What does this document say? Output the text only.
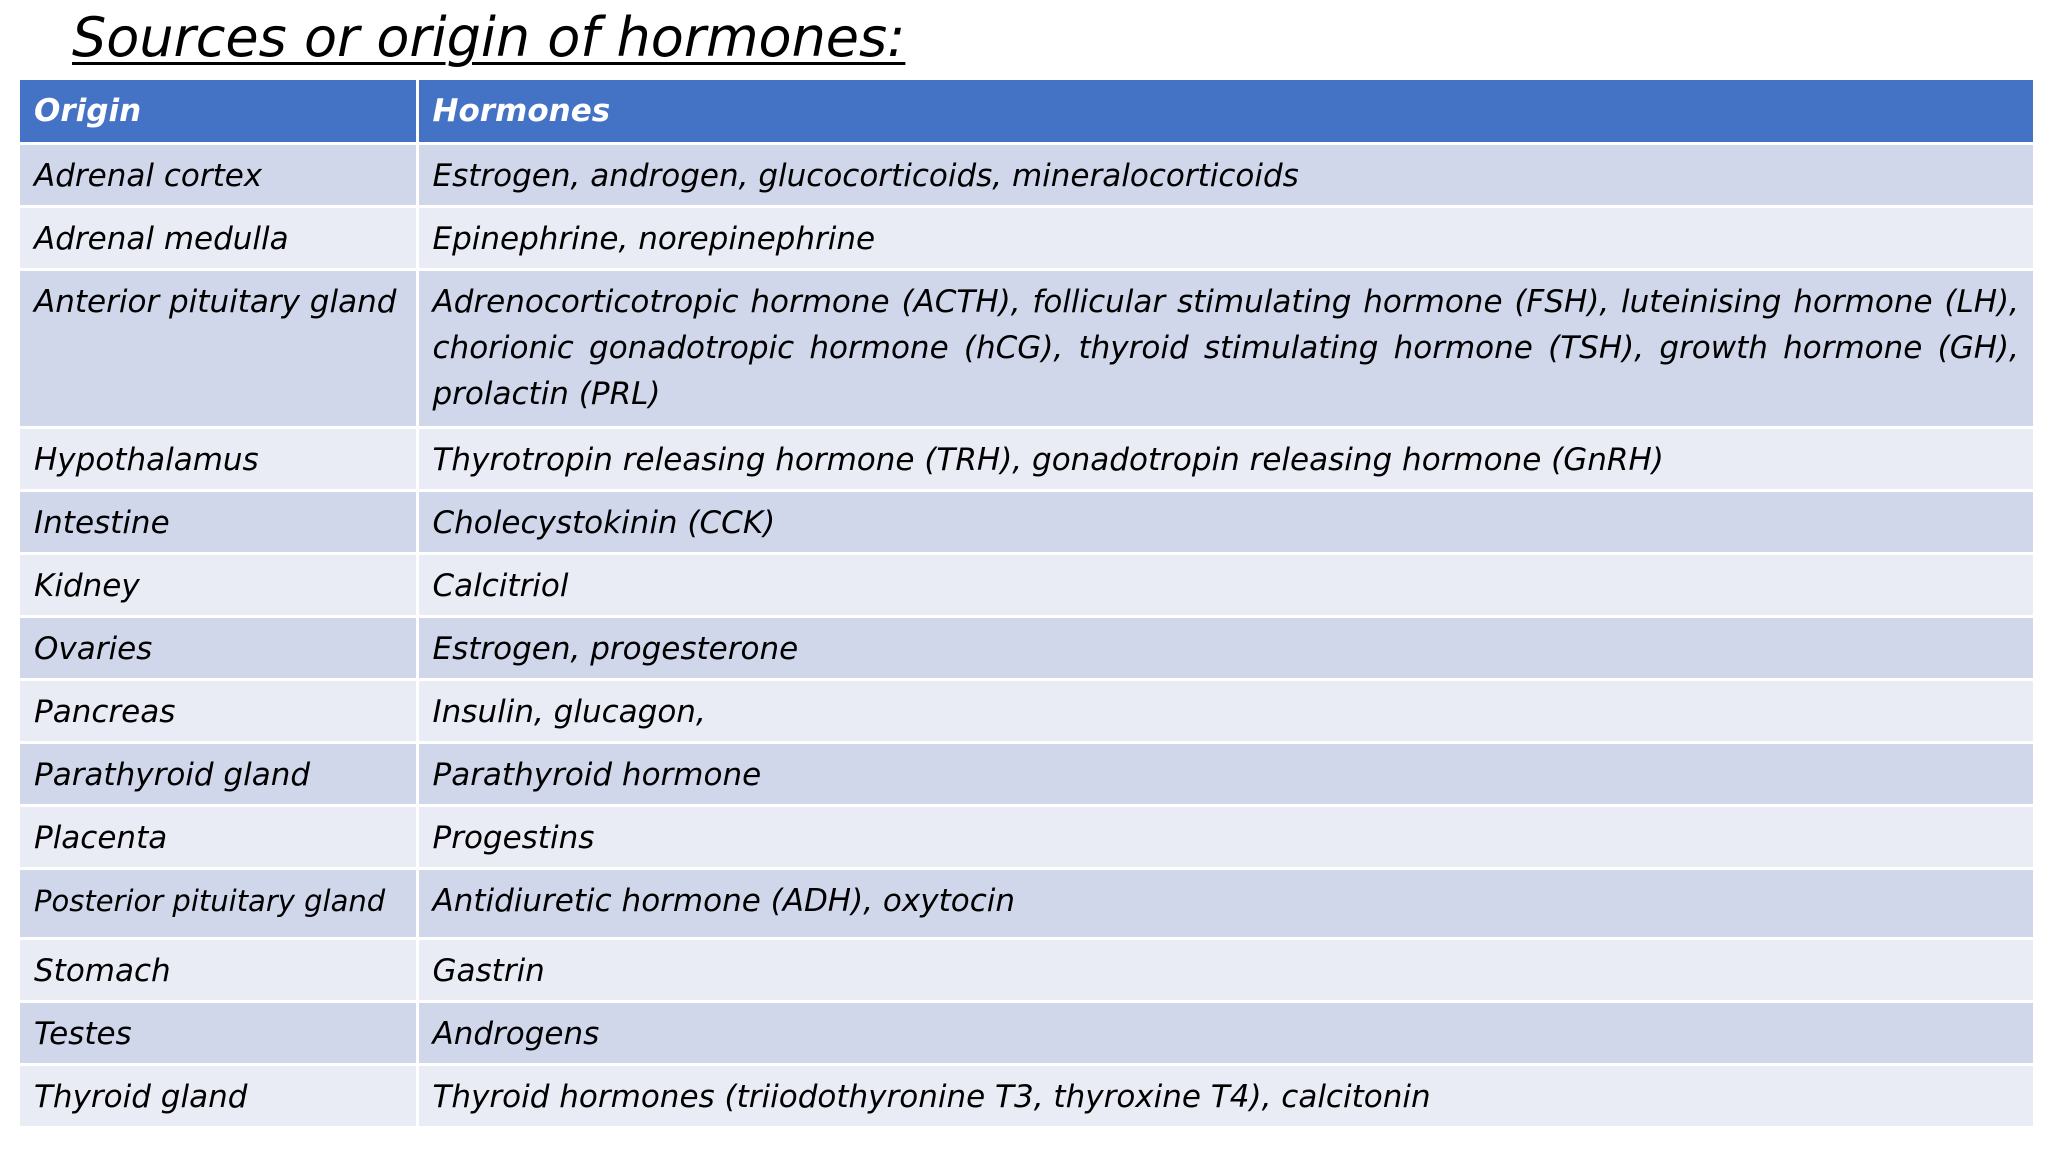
Sources or origin of hormones:
Origin	Hormones
Adrenal cortex	Estrogen, androgen, glucocorticoids, mineralocorticoids
Adrenal medulla	Epinephrine, norepinephrine
Anterior pituitary gland	Adrenocorticotropic hormone (ACTH), follicular stimulating hormone (FSH), luteinising hormone (LH), chorionic gonadotropic hormone (hCG), thyroid stimulating hormone (TSH), growth hormone (GH), prolactin (PRL)
Hypothalamus	Thyrotropin releasing hormone (TRH), gonadotropin releasing hormone (GnRH)
Intestine	Cholecystokinin (CCK)
Kidney	Calcitriol
Ovaries	Estrogen, progesterone
Pancreas	Insulin, glucagon,
Parathyroid gland	Parathyroid hormone
Placenta	Progestins
Posterior pituitary gland	Antidiuretic hormone (ADH), oxytocin
Stomach	Gastrin
Testes	Androgens
Thyroid gland	Thyroid hormones (triiodothyronine T3, thyroxine T4), calcitonin
